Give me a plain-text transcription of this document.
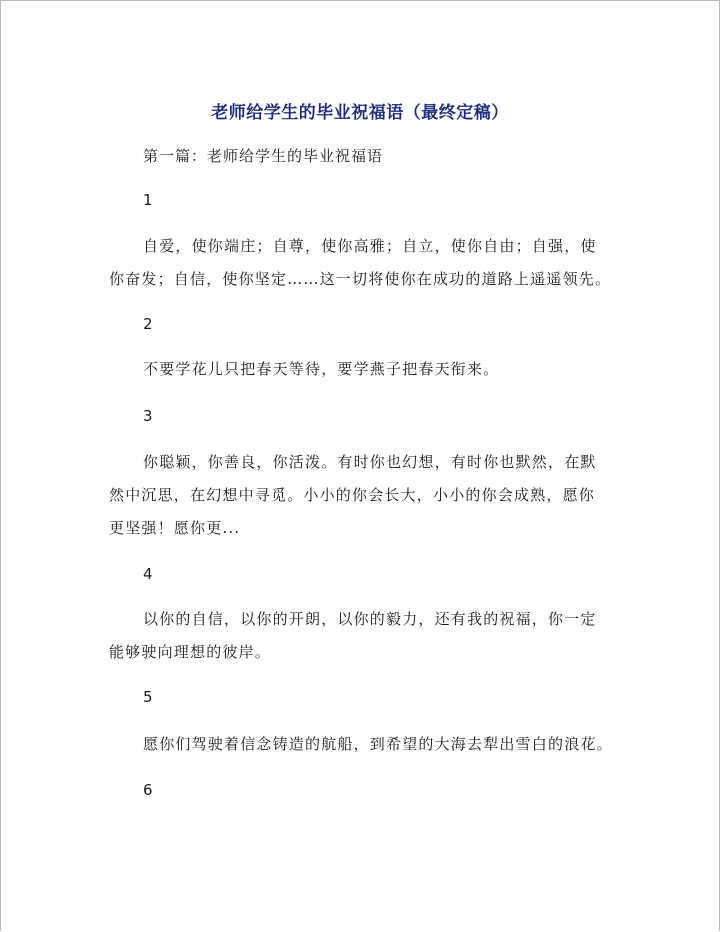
老师给学生的毕业祝福语（最终定稿）
第一篇：老师给学生的毕业祝福语
1
自爱，使你端庄；自尊，使你高雅；自立，使你自由；自强，使
你奋发；自信，使你坚定……这一切将使你在成功的道路上遥遥领先。
2
不要学花儿只把春天等待，要学燕子把春天衔来。
3
你聪颖，你善良，你活泼。有时你也幻想，有时你也默然，在默
然中沉思，在幻想中寻觅。小小的你会长大，小小的你会成熟，愿你
更坚强！愿你更...
4
以你的自信，以你的开朗，以你的毅力，还有我的祝福，你一定
能够驶向理想的彼岸。
5
愿你们驾驶着信念铸造的航船，到希望的大海去犁出雪白的浪花。
6
